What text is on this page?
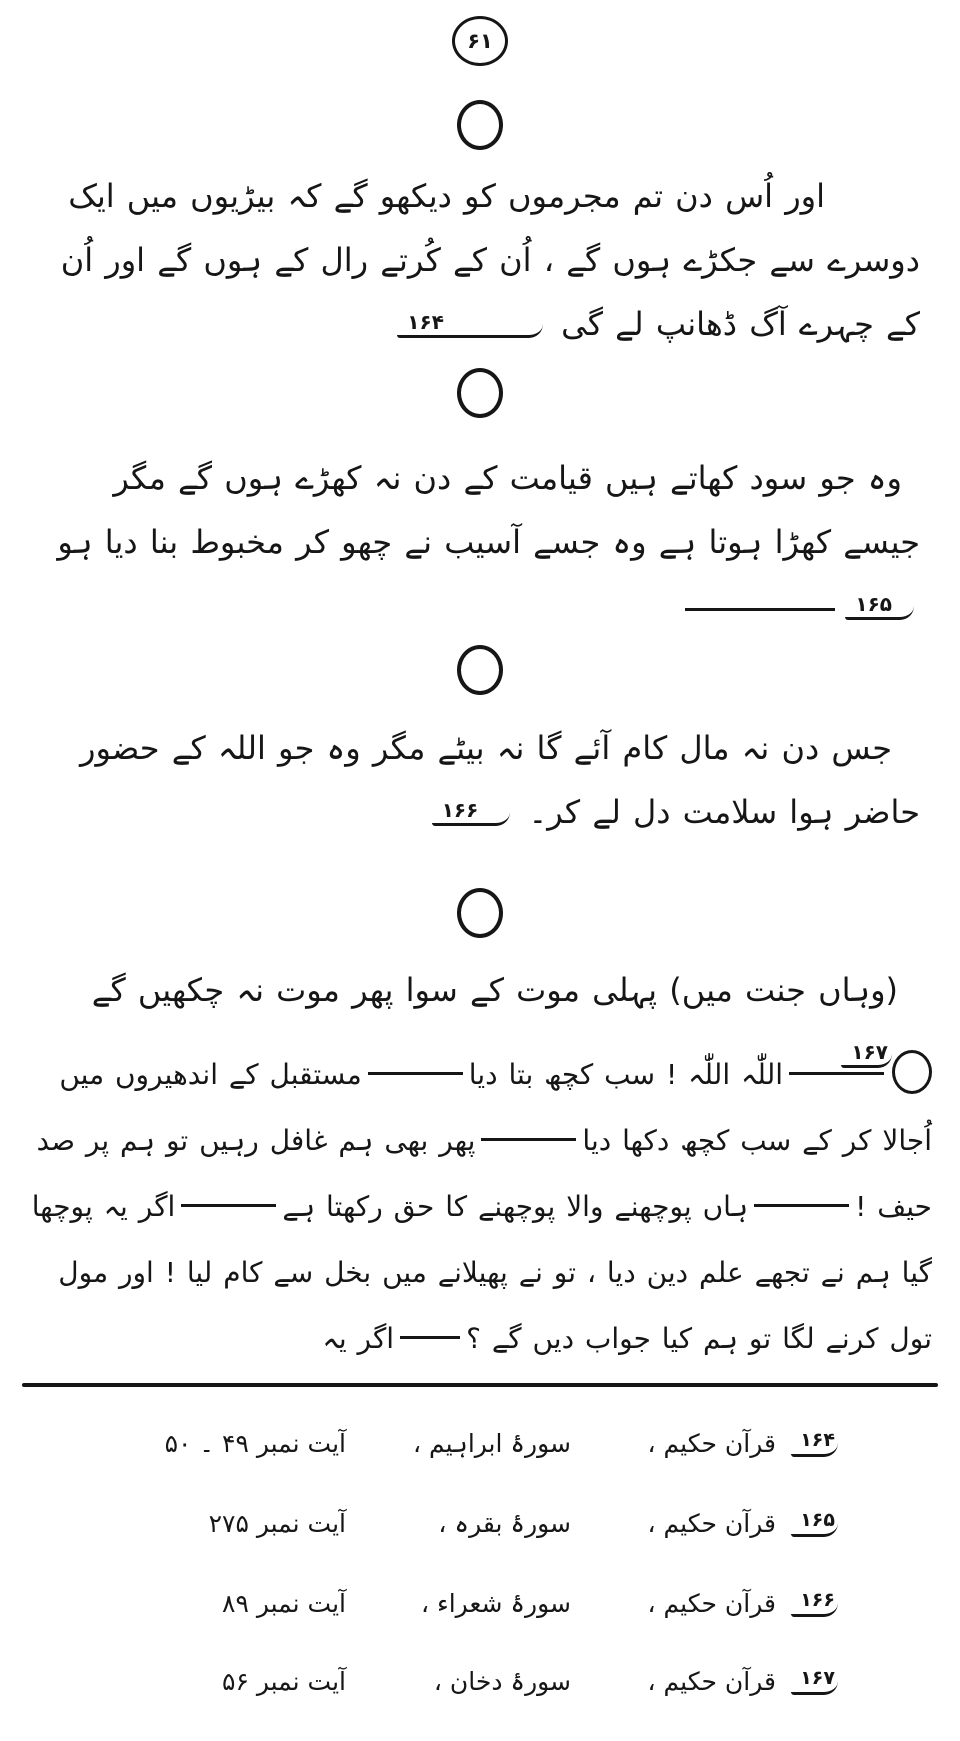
۶۱
اور اُس دن تم مجرموں کو دیکھو گے کہ بیڑیوں میں ایک دوسرے سے جکڑے ہوں گے ، اُن کے کُرتے رال کے ہوں گے اور اُن کے چہرے آگ ڈھانپ لے گی ۱۶۴
وہ جو سود کھاتے ہیں قیامت کے دن نہ کھڑے ہوں گے مگر جیسے کھڑا ہوتا ہے وہ جسے آسیب نے چھو کر مخبوط بنا دیا ہو ۱۶۵
جس دن نہ مال کام آئے گا نہ بیٹے مگر وہ جو اللہ کے حضور حاضر ہوا سلامت دل لے کر۔ ۱۶۶
(وہاں جنت میں) پہلی موت کے سوا پھر موت نہ چکھیں گے ۱۶۷
اللّٰہ اللّٰہ ! سب کچھ بتا دیامستقبل کے اندھیروں میں اُجالا کر کے سب کچھ دکھا دیاپھر بھی ہم غافل رہیں تو ہم پر صد حیف !ہاں پوچھنے والا پوچھنے کا حق رکھتا ہےاگر یہ پوچھا گیا ہم نے تجھے علم دین دیا ، تو نے پھیلانے میں بخل سے کام لیا ! اور مول تول کرنے لگا تو ہم کیا جواب دیں گے ؟اگر یہ
۱۶۴
قرآن حکیم ،
سورۂ ابراہیم ،
آیت نمبر ۴۹ ۔ ۵۰
۱۶۵
قرآن حکیم ،
سورۂ بقرہ ،
آیت نمبر ۲۷۵
۱۶۶
قرآن حکیم ،
سورۂ شعراء ،
آیت نمبر ۸۹
۱۶۷
قرآن حکیم ،
سورۂ دخان ،
آیت نمبر ۵۶
